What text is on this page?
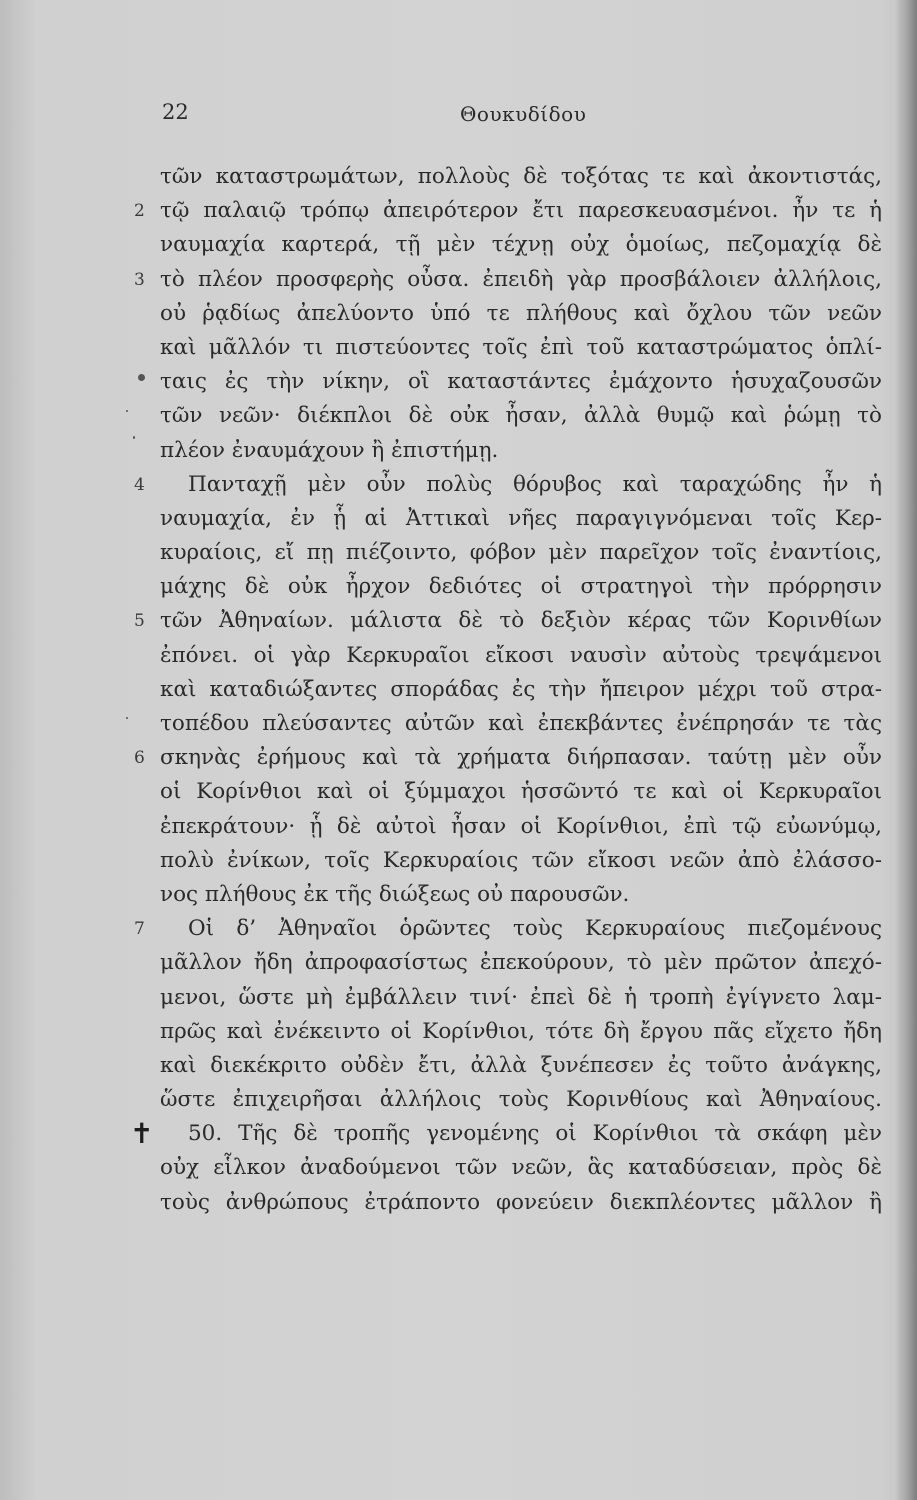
22	Θουκυδίδου
τῶν καταστρωμάτων, πολλοὺς δὲ τοξότας τε καὶ ἀκοντιστάς,
2 τῷ παλαιῷ τρόπῳ ἀπειρότερον ἔτι παρεσκευασμένοι. ἦν τε ἡ
ναυμαχία καρτερά, τῇ μὲν τέχνῃ οὐχ ὁμοίως, πεζομαχίᾳ δὲ
3 τὸ πλέον προσφερὴς οὖσα. ἐπειδὴ γὰρ προσβάλοιεν ἀλλήλοις,
οὐ ῥᾳδίως ἀπελύοντο ὑπό τε πλήθους καὶ ὄχλου τῶν νεῶν
καὶ μᾶλλόν τι πιστεύοντες τοῖς ἐπὶ τοῦ καταστρώματος ὁπλί-
ταις ἐς τὴν νίκην, οἳ καταστάντες ἐμάχοντο ἡσυχαζουσῶν
τῶν νεῶν· διέκπλοι δὲ οὐκ ἦσαν, ἀλλὰ θυμῷ καὶ ῥώμῃ τὸ
πλέον ἐναυμάχουν ἢ ἐπιστήμῃ.
4 Πανταχῇ μὲν οὖν πολὺς θόρυβος καὶ ταραχώδης ἦν ἡ
ναυμαχία, ἐν ᾗ αἱ Ἀττικαὶ νῆες παραγιγνόμεναι τοῖς Κερ-
κυραίοις, εἴ πῃ πιέζοιντο, φόβον μὲν παρεῖχον τοῖς ἐναντίοις,
μάχης δὲ οὐκ ἦρχον δεδιότες οἱ στρατηγοὶ τὴν πρόρρησιν
5 τῶν Ἀθηναίων. μάλιστα δὲ τὸ δεξιὸν κέρας τῶν Κορινθίων
ἐπόνει. οἱ γὰρ Κερκυραῖοι εἴκοσι ναυσὶν αὐτοὺς τρεψάμενοι
καὶ καταδιώξαντες σποράδας ἐς τὴν ἤπειρον μέχρι τοῦ στρα-
τοπέδου πλεύσαντες αὐτῶν καὶ ἐπεκβάντες ἐνέπρησάν τε τὰς
6 σκηνὰς ἐρήμους καὶ τὰ χρήματα διήρπασαν. ταύτῃ μὲν οὖν
οἱ Κορίνθιοι καὶ οἱ ξύμμαχοι ἡσσῶντό τε καὶ οἱ Κερκυραῖοι
ἐπεκράτουν· ᾗ δὲ αὐτοὶ ἦσαν οἱ Κορίνθιοι, ἐπὶ τῷ εὐωνύμῳ,
πολὺ ἐνίκων, τοῖς Κερκυραίοις τῶν εἴκοσι νεῶν ἀπὸ ἐλάσσο-
νος πλήθους ἐκ τῆς διώξεως οὐ παρουσῶν.
7 Οἱ δ’ Ἀθηναῖοι ὁρῶντες τοὺς Κερκυραίους πιεζομένους
μᾶλλον ἤδη ἀπροφασίστως ἐπεκούρουν, τὸ μὲν πρῶτον ἀπεχό-
μενοι, ὥστε μὴ ἐμβάλλειν τινί· ἐπεὶ δὲ ἡ τροπὴ ἐγίγνετο λαμ-
πρῶς καὶ ἐνέκειντο οἱ Κορίνθιοι, τότε δὴ ἔργου πᾶς εἴχετο ἤδη
καὶ διεκέκριτο οὐδὲν ἔτι, ἀλλὰ ξυνέπεσεν ἐς τοῦτο ἀνάγκης,
ὥστε ἐπιχειρῆσαι ἀλλήλοις τοὺς Κορινθίους καὶ Ἀθηναίους.
✝ 50. Τῆς δὲ τροπῆς γενομένης οἱ Κορίνθιοι τὰ σκάφη μὲν
οὐχ εἷλκον ἀναδούμενοι τῶν νεῶν, ἃς καταδύσειαν, πρὸς δὲ
τοὺς ἀνθρώπους ἐτράποντο φονεύειν διεκπλέοντες μᾶλλον ἢ
